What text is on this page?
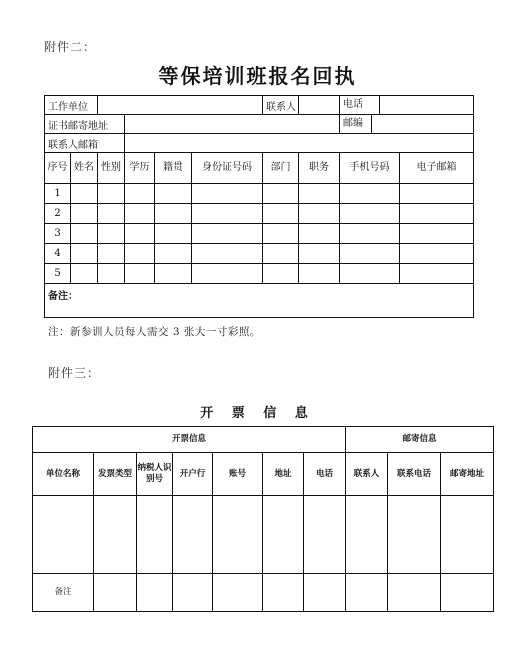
附件二：
等保培训班报名回执
工作单位						联系人		电话	

证书邮寄地址								邮编	

联系人邮箱									
序号	姓名	性别	学历	籍贯	身份证号码	部门	职务	手机号码	电子邮箱
1									
2									
3									
4									
5									
备注：									
注：新参训人员每人需交 3 张大一寸彩照。
附件三：
开 票 信 息
开票信息							邮寄信息		
单位名称	发票类型	纳税人识别号	开户行	账号	地址	电话	联系人	联系电话	邮寄地址

备注									
